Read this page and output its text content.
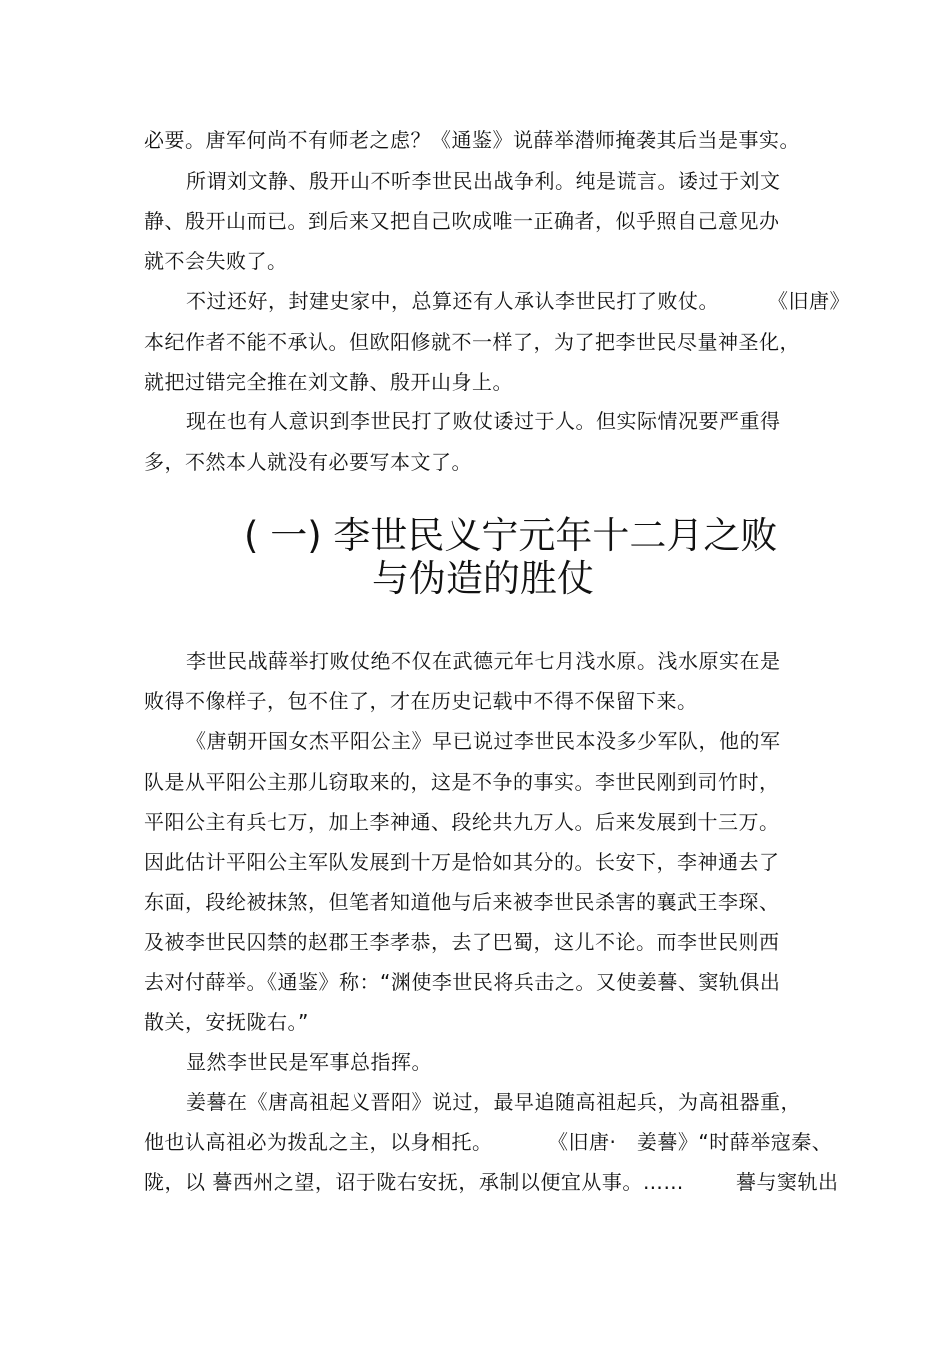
必要。唐军何尚不有师老之虑？《通鉴》说薛举潜师掩袭其后当是事实。
所谓刘文静、殷开山不听李世民出战争利。纯是谎言。诿过于刘文
静、殷开山而已。到后来又把自己吹成唯一正确者，似乎照自己意见办
就不会失败了。
不过还好，封建史家中，总算还有人承认李世民打了败仗。 《旧唐》
本纪作者不能不承认。但欧阳修就不一样了，为了把李世民尽量神圣化，
就把过错完全推在刘文静、殷开山身上。
现在也有人意识到李世民打了败仗诿过于人。但实际情况要严重得
多，不然本人就没有必要写本文了。
( 一) 李世民义宁元年十二月之败
与伪造的胜仗
李世民战薛举打败仗绝不仅在武德元年七月浅水原。浅水原实在是
败得不像样子，包不住了，才在历史记载中不得不保留下来。
《唐朝开国女杰平阳公主》早已说过李世民本没多少军队，他的军
队是从平阳公主那儿窃取来的，这是不争的事实。李世民刚到司竹时，
平阳公主有兵七万，加上李神通、段纶共九万人。后来发展到十三万。
因此估计平阳公主军队发展到十万是恰如其分的。长安下，李神通去了
东面，段纶被抹煞，但笔者知道他与后来被李世民杀害的襄武王李琛、
及被李世民囚禁的赵郡王李孝恭，去了巴蜀，这儿不论。而李世民则西
去对付薛举。《通鉴》称：“渊使李世民将兵击之。又使姜謩、窦轨俱出
散关，安抚陇右。”
显然李世民是军事总指挥。
姜謩在《唐高祖起义晋阳》说过，最早追随高祖起兵，为高祖器重，
他也认高祖必为拨乱之主，以身相托。	《旧唐·　姜謩》“时薛举寇秦、
陇，以 謩西州之望，诏于陇右安抚，承制以便宜从事。……	謩与窦轨出
